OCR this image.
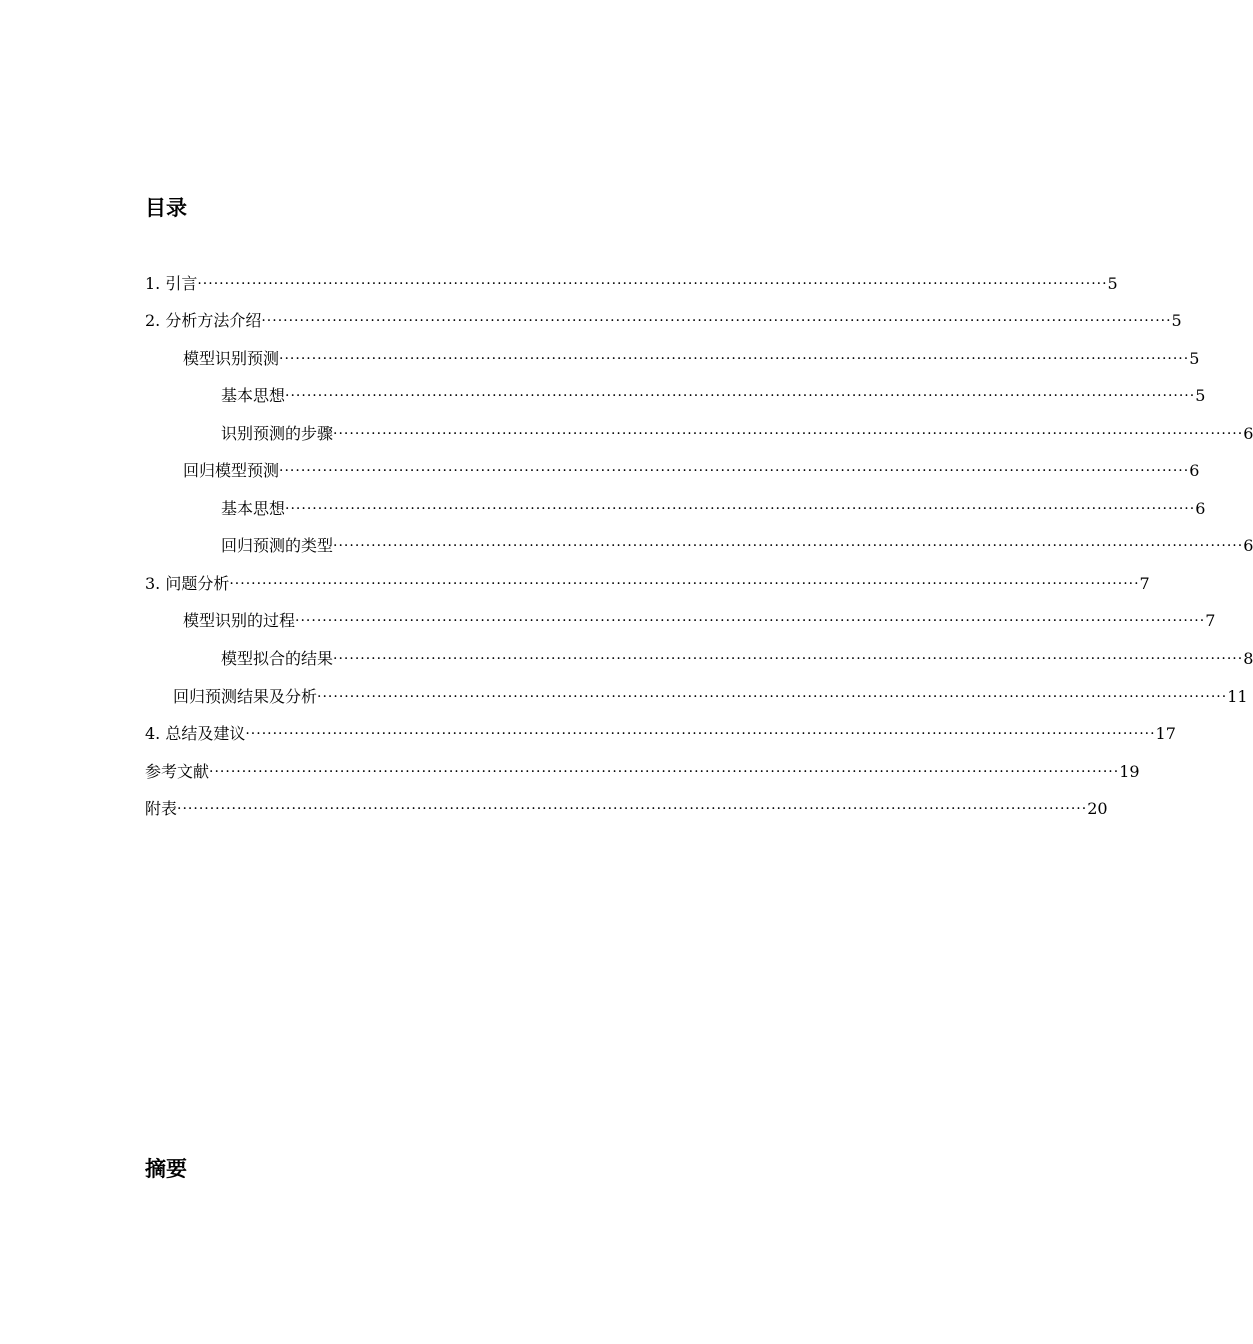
目录
1. 引言 ······································································································································································· 5
2. 分析方法介绍 ······································································································································································· 5
模型识别预测 ······································································································································································· 5
基本思想 ······································································································································································· 5
识别预测的步骤 ······································································································································································· 6
回归模型预测 ······································································································································································· 6
基本思想 ······································································································································································· 6
回归预测的类型 ······································································································································································· 6
3. 问题分析 ······································································································································································· 7
模型识别的过程 ······································································································································································· 7
模型拟合的结果 ······································································································································································· 8
回归预测结果及分析 ······································································································································································· 11
4. 总结及建议 ······································································································································································· 17
参考文献 ······································································································································································· 19
附表 ······································································································································································· 20
摘要
